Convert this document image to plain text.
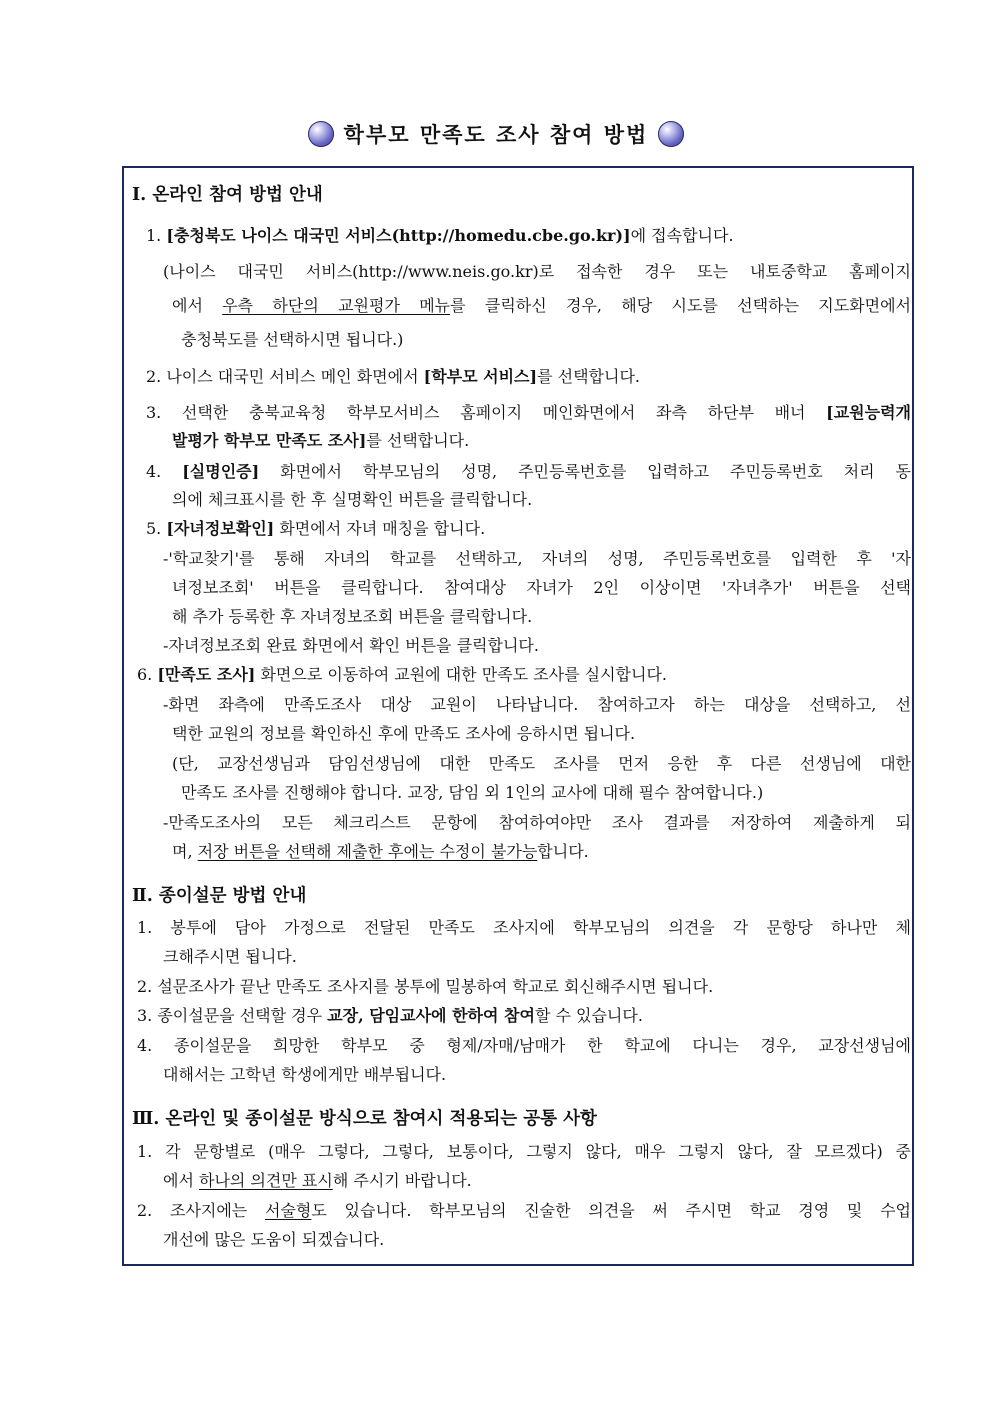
학부모 만족도 조사 참여 방법
Ⅰ. 온라인 참여 방법 안내
1. [충청북도 나이스 대국민 서비스(http://homedu.cbe.go.kr)]에 접속합니다.
(나이스 대국민 서비스(http://www.neis.go.kr)로 접속한 경우 또는 내토중학교 홈페이지
에서 우측 하단의 교원평가 메뉴를 클릭하신 경우, 해당 시도를 선택하는 지도화면에서
충청북도를 선택하시면 됩니다.)
2. 나이스 대국민 서비스 메인 화면에서 [학부모 서비스]를 선택합니다.
3. 선택한 충북교육청 학부모서비스 홈페이지 메인화면에서 좌측 하단부 배너 [교원능력개
발평가 학부모 만족도 조사]를 선택합니다.
4. [실명인증] 화면에서 학부모님의 성명, 주민등록번호를 입력하고 주민등록번호 처리 동
의에 체크표시를 한 후 실명확인 버튼을 클릭합니다.
5. [자녀정보확인] 화면에서 자녀 매칭을 합니다.
-'학교찾기'를 통해 자녀의 학교를 선택하고, 자녀의 성명, 주민등록번호를 입력한 후 '자
녀정보조회' 버튼을 클릭합니다. 참여대상 자녀가 2인 이상이면 '자녀추가' 버튼을 선택
해 추가 등록한 후 자녀정보조회 버튼을 클릭합니다.
-자녀정보조회 완료 화면에서 확인 버튼을 클릭합니다.
6. [만족도 조사] 화면으로 이동하여 교원에 대한 만족도 조사를 실시합니다.
-화면 좌측에 만족도조사 대상 교원이 나타납니다. 참여하고자 하는 대상을 선택하고, 선
택한 교원의 정보를 확인하신 후에 만족도 조사에 응하시면 됩니다.
(단, 교장선생님과 담임선생님에 대한 만족도 조사를 먼저 응한 후 다른 선생님에 대한
만족도 조사를 진행해야 합니다. 교장, 담임 외 1인의 교사에 대해 필수 참여합니다.)
-만족도조사의 모든 체크리스트 문항에 참여하여야만 조사 결과를 저장하여 제출하게 되
며, 저장 버튼을 선택해 제출한 후에는 수정이 불가능합니다.
Ⅱ. 종이설문 방법 안내
1. 봉투에 담아 가정으로 전달된 만족도 조사지에 학부모님의 의견을 각 문항당 하나만 체
크해주시면 됩니다.
2. 설문조사가 끝난 만족도 조사지를 봉투에 밀봉하여 학교로 회신해주시면 됩니다.
3. 종이설문을 선택할 경우 교장, 담임교사에 한하여 참여할 수 있습니다.
4. 종이설문을 희망한 학부모 중 형제/자매/남매가 한 학교에 다니는 경우, 교장선생님에
대해서는 고학년 학생에게만 배부됩니다.
Ⅲ. 온라인 및 종이설문 방식으로 참여시 적용되는 공통 사항
1. 각 문항별로 (매우 그렇다, 그렇다, 보통이다, 그렇지 않다, 매우 그렇지 않다, 잘 모르겠다) 중
에서 하나의 의견만 표시해 주시기 바랍니다.
2. 조사지에는 서술형도 있습니다. 학부모님의 진술한 의견을 써 주시면 학교 경영 및 수업
개선에 많은 도움이 되겠습니다.
